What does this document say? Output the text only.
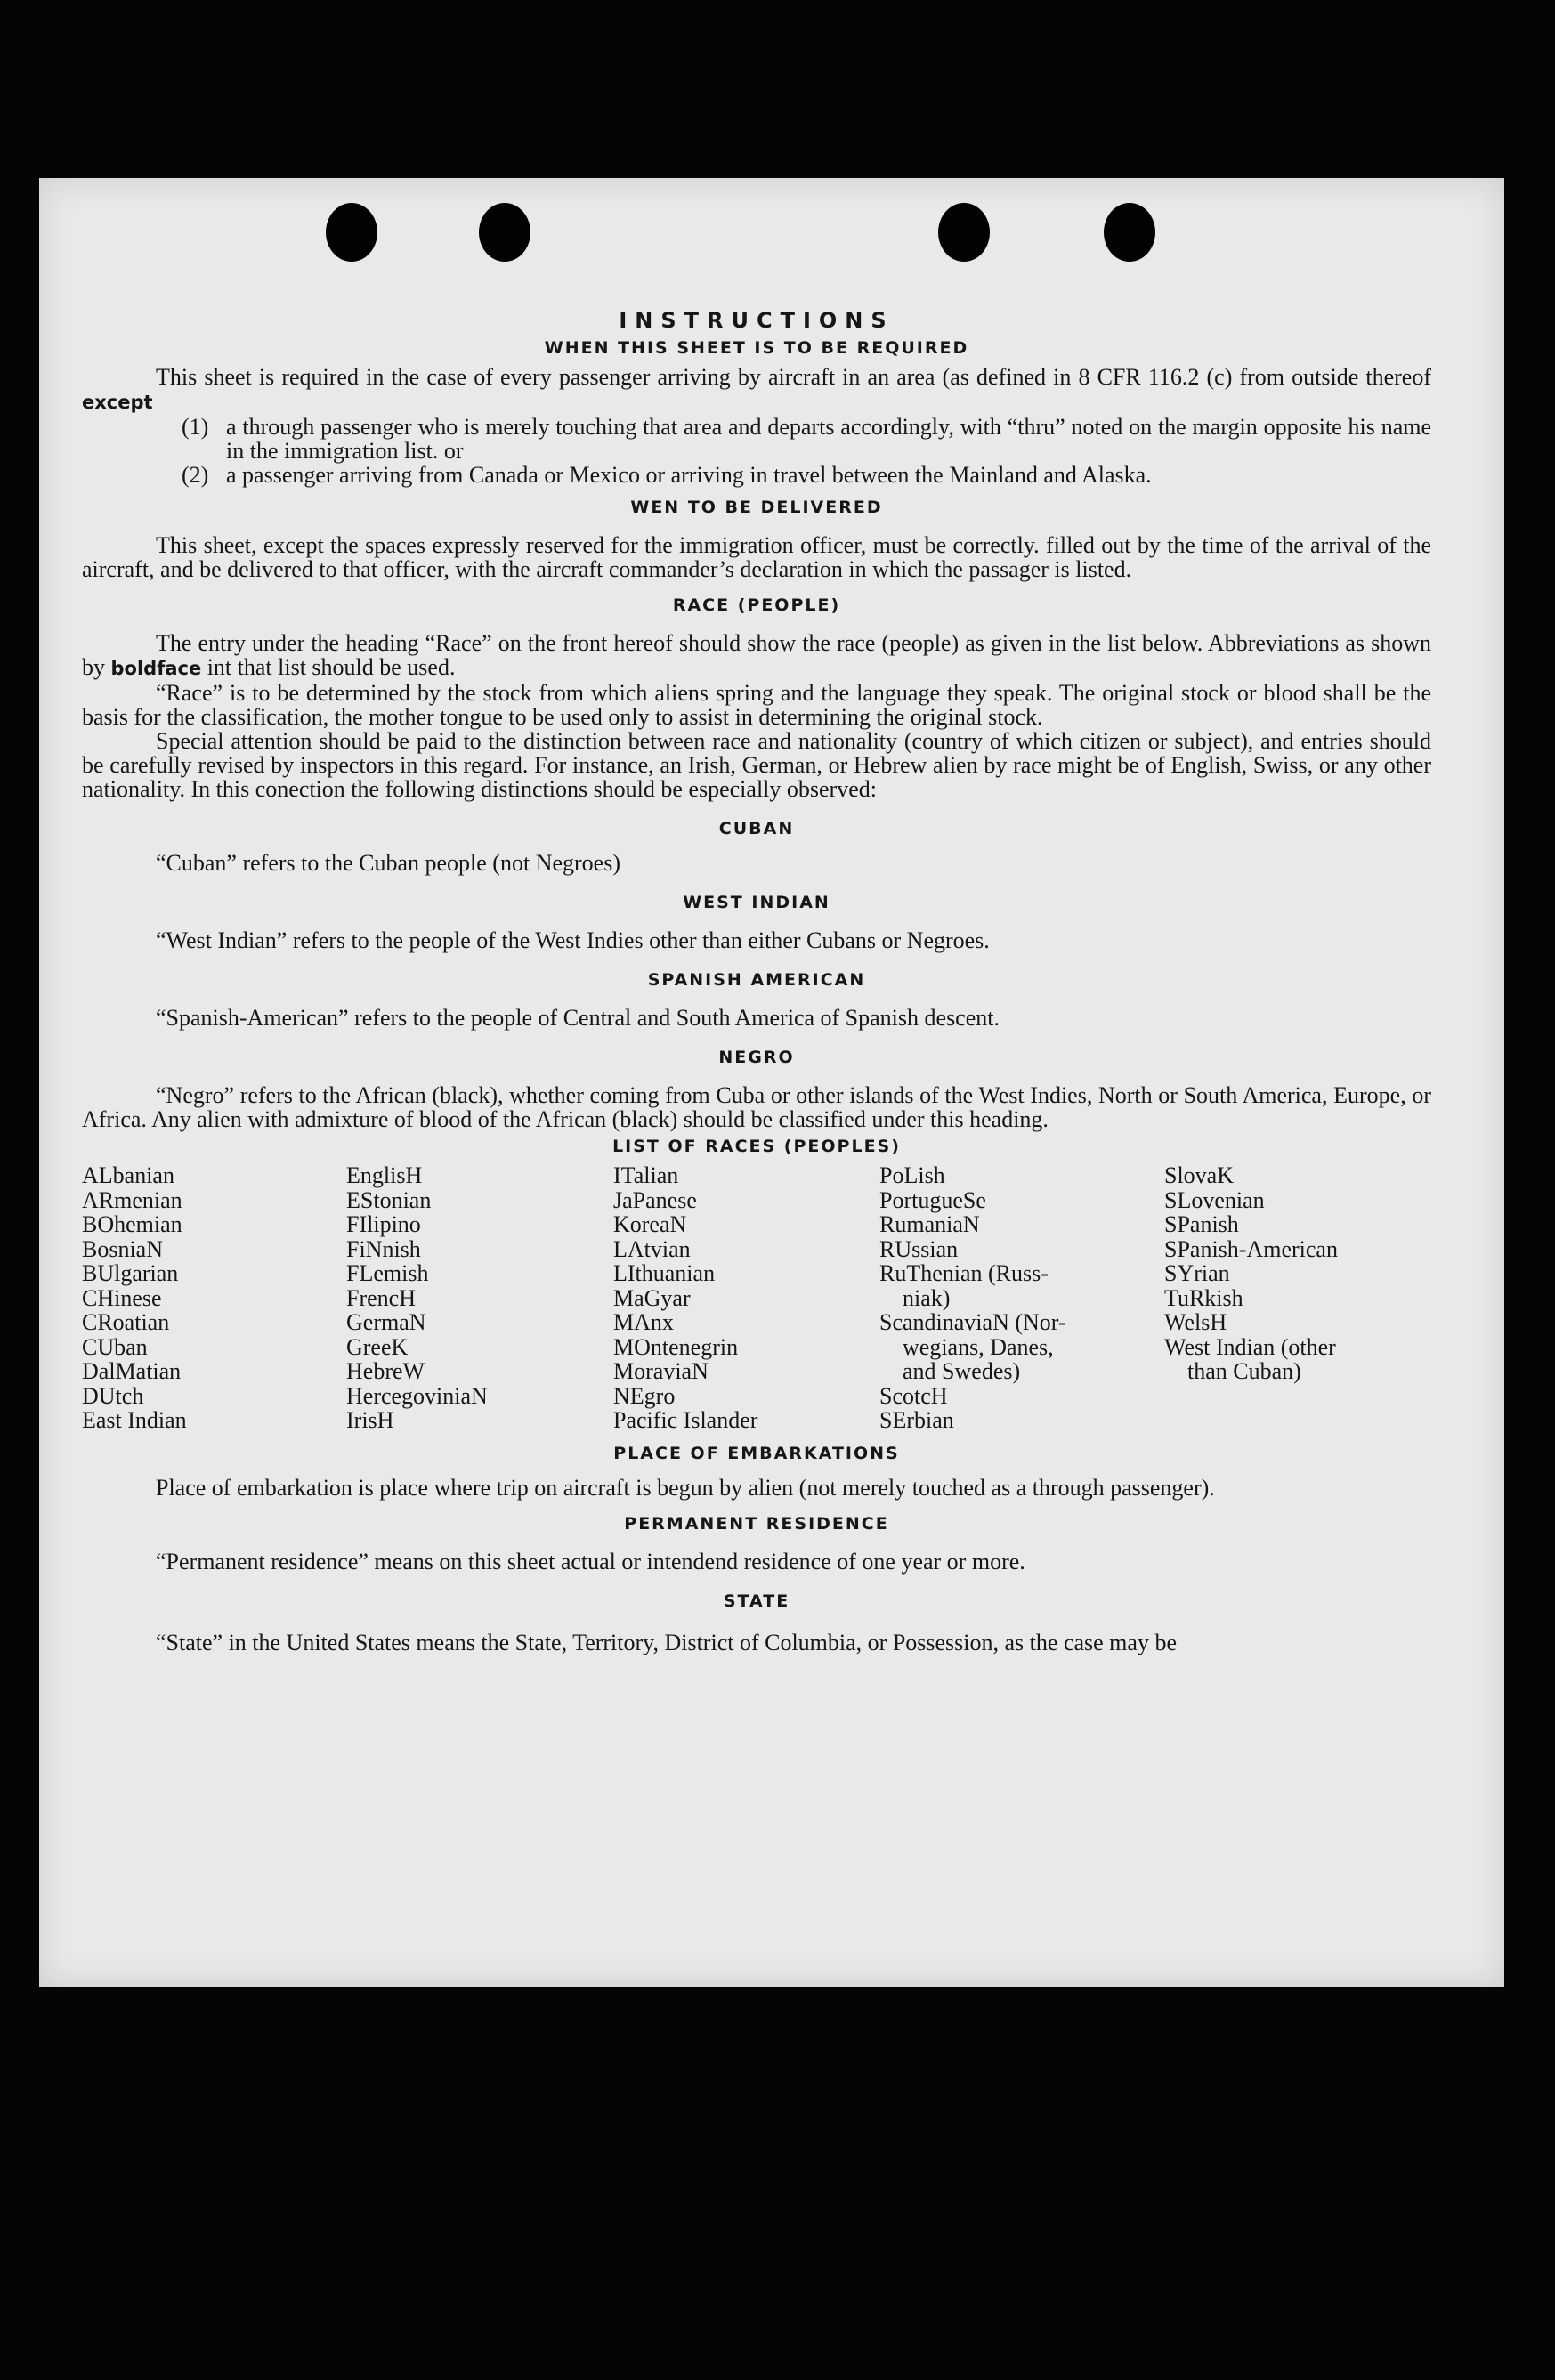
INSTRUCTIONS
WHEN THIS SHEET IS TO BE REQUIRED

This sheet is required in the case of every passenger arriving by aircraft in an area (as defined in 8 CFR 116.2 (c) from outside thereof except

(1) a through passenger who is merely touching that area and departs accordingly, with “thru” noted on the margin opposite his name in the immigration list. or
(2) a passenger arriving from Canada or Mexico or arriving in travel between the Mainland and Alaska.
WEN TO BE DELIVERED

This sheet, except the spaces expressly reserved for the immigration officer, must be correctly. filled out by the time of the arrival of the aircraft, and be delivered to that officer, with the aircraft commander’s declaration in which the passager is listed.

RACE (PEOPLE)

The entry under the heading “Race” on the front hereof should show the race (people) as given in the list below. Abbreviations as shown by boldface int that list should be used.

“Race” is to be determined by the stock from which aliens spring and the language they speak. The original stock or blood shall be the basis for the classification, the mother tongue to be used only to assist in determining the original stock.

Special attention should be paid to the distinction between race and nationality (country of which citizen or subject), and entries should be carefully revised by inspectors in this regard. For instance, an Irish, German, or Hebrew alien by race might be of English, Swiss, or any other nationality. In this conection the following distinctions should be especially observed:

CUBAN

“Cuban” refers to the Cuban people (not Negroes)

WEST INDIAN

“West Indian” refers to the people of the West Indies other than either Cubans or Negroes.

SPANISH AMERICAN

“Spanish-American” refers to the people of Central and South America of Spanish descent.

NEGRO

“Negro” refers to the African (black), whether coming from Cuba or other islands of the West Indies, North or South America, Europe, or Africa. Any alien with admixture of blood of the African (black) should be classified under this heading.

LIST OF RACES (PEOPLES)
ALbanian
ARmenian
BOhemian
BosniaN
BUlgarian
CHinese
CRoatian
CUban
DalMatian
DUtch
East Indian
EnglisH
EStonian
FIlipino
FiNnish
FLemish
FrencH
GermaN
GreeK
HebreW
HercegoviniaN
IrisH
ITalian
JaPanese
KoreaN
LAtvian
LIthuanian
MaGyar
MAnx
MOntenegrin
MoraviaN
NEgro
Pacific Islander
PoLish
PortugueSe
RumaniaN
RUssian
RuThenian (Russ-
niak)
ScandinaviaN (Nor-
wegians, Danes,
and Swedes)
ScotcH
SErbian
SlovaK
SLovenian
SPanish
SPanish-American
SYrian
TuRkish
WelsH
West Indian (other
than Cuban)
PLACE OF EMBARKATIONS

Place of embarkation is place where trip on aircraft is begun by alien (not merely touched as a through passenger).

PERMANENT RESIDENCE

“Permanent residence” means on this sheet actual or intendend residence of one year or more.

STATE

“State” in the United States means the State, Territory, District of Columbia, or Possession, as the case may be
